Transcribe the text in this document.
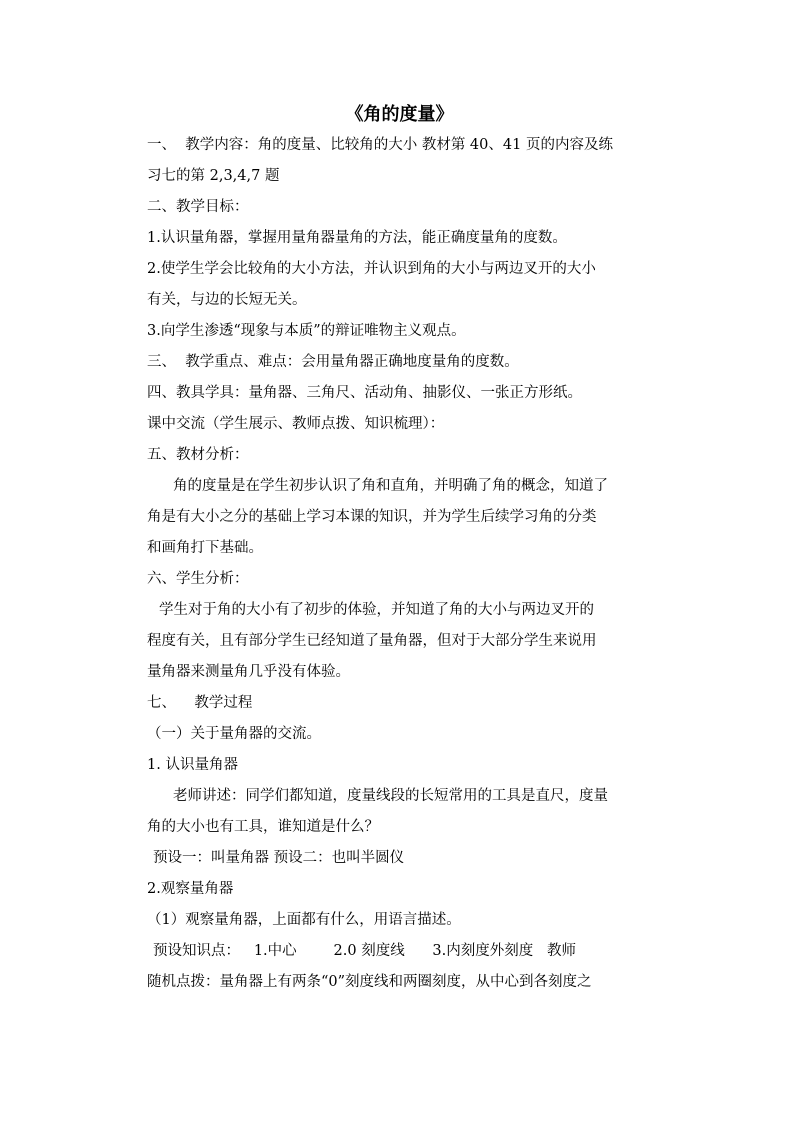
《角的度量》
一、  教学内容：角的度量、比较角的大小 教材第 40、41 页的内容及练
习七的第 2,3,4,7 题
二、教学目标：
1.认识量角器，掌握用量角器量角的方法，能正确度量角的度数。
2.使学生学会比较角的大小方法，并认识到角的大小与两边叉开的大小
有关，与边的长短无关。
3.向学生渗透“现象与本质”的辩证唯物主义观点。
三、  教学重点、难点：会用量角器正确地度量角的度数。
四、教具学具：量角器、三角尺、活动角、抽影仪、一张正方形纸。
课中交流（学生展示、教师点拨、知识梳理）：
五、教材分析：
角的度量是在学生初步认识了角和直角，并明确了角的概念，知道了
角是有大小之分的基础上学习本课的知识，并为学生后续学习角的分类
和画角打下基础。
六、学生分析：
学生对于角的大小有了初步的体验，并知道了角的大小与两边叉开的
程度有关，且有部分学生已经知道了量角器，但对于大部分学生来说用
量角器来测量角几乎没有体验。
七、    教学过程
（一）关于量角器的交流。
1. 认识量角器
老师讲述：同学们都知道，度量线段的长短常用的工具是直尺，度量
角的大小也有工具，谁知道是什么？
预设一：叫量角器 预设二：也叫半圆仪
2.观察量角器
（1）观察量角器，上面都有什么，用语言描述。
预设知识点：   1.中心        2.0 刻度线      3.内刻度外刻度   教师
随机点拨：量角器上有两条“0”刻度线和两圈刻度，从中心到各刻度之
